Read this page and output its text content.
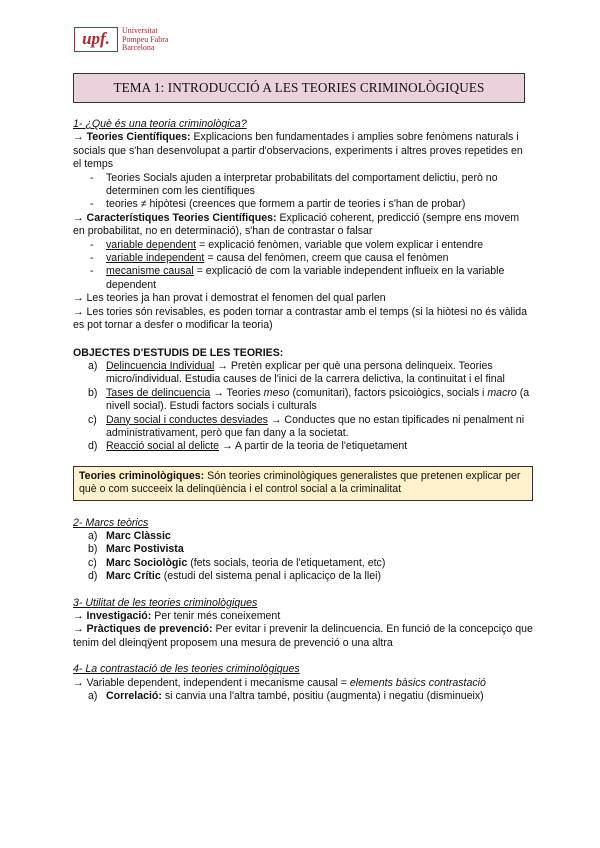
upf.	Universitat
Pompeu Fabra
Barcelona
TEMA 1: INTRODUCCIÓ A LES TEORIES CRIMINOLÒGIQUES
1- ¿Què és una teoria criminològica?

→ Teories Científiques: Explicacions ben fundamentades i amplies sobre fenòmens naturals i socials que s'han desenvolupat a partir d'observacions, experiments i altres proves repetides en el temps

- Teories Socials ajuden a interpretar probabilitats del comportament delictiu, però no determinen com les científiques
- teories ≠ hipòtesi (creences que formem a partir de teories i s'han de probar)

→ Característiques Teories Científiques: Explicació coherent, predicció (sempre ens movem en probabilitat, no en determinació), s'han de contrastar o falsar

- variable dependent = explicació fenòmen, variable que volem explicar i entendre
- variable independent = causa del fenòmen, creem que causa el fenòmen
- mecanisme causal = explicació de com la variable independent influeix en la variable dependent

→ Les teories ja han provat i demostrat el fenomen del qual parlen

→ Les tories són revisables, es poden tornar a contrastar amb el temps (si la hiòtesi no és vàlida es pot tornar a desfer o modificar la teoria)

OBJECTES D'ESTUDIS DE LES TEORIES:
a) Delincuencia Individual → Pretèn explicar per què una persona delinqueix. Teories micro/individual. Estudia causes de l'inici de la carrera delictiva, la continuitat i el final
b) Tases de delincuencia → Teories meso (comunitari), factors psicoiògics, socials i macro (a nivell social). Estudi factors socials i culturals
c) Dany social i conductes desviades → Conductes que no estan tipificades ni penalment ni administrativament, però que fan dany a la societat.
d) Reacció social al delicte → A partir de la teoria de l'etiquetament
Teories criminològiques: Són teories criminològiques generalistes que pretenen explicar per què o com succeeix la delinqüència i el control social a la criminalitat
2- Marcs teòrics
a) Marc Clàssic
b) Marc Postivista
c) Marc Sociològic (fets socials, teoria de l'etiquetament, etc)
d) Marc Crític (estudi del sistema penal i aplicaciço de la llei)
3- Utilitat de les teories criminològiques

→ Investigació: Per tenir més coneixement

→ Pràctiques de prevenció: Per evitar i prevenir la delincuencia. En funció de la concepciço que tenim del dleinqÿent proposem una mesura de prevenció o una altra

4- La contrastació de les teories criminològiques

→ Variable dependent, independent i mecanisme causal = elements bàsics contrastació

a) Correlació: si canvia una l'altra també, positiu (augmenta) i negatiu (disminueix)
